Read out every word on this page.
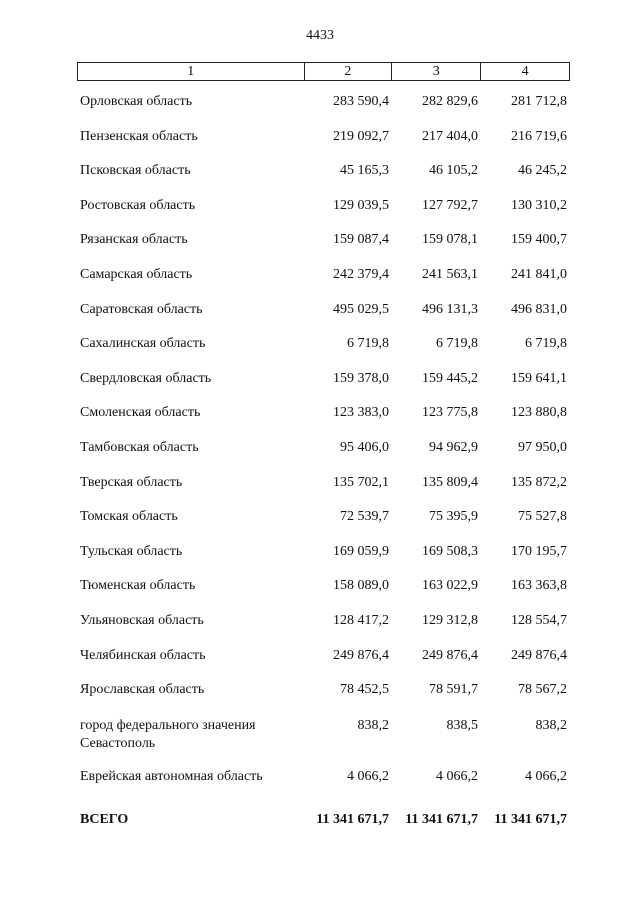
4433
1	2	3	4
Орловская область	283 590,4	282 829,6	281 712,8
Пензенская область	219 092,7	217 404,0	216 719,6
Псковская область	45 165,3	46 105,2	46 245,2
Ростовская область	129 039,5	127 792,7	130 310,2
Рязанская область	159 087,4	159 078,1	159 400,7
Самарская область	242 379,4	241 563,1	241 841,0
Саратовская область	495 029,5	496 131,3	496 831,0
Сахалинская область	6 719,8	6 719,8	6 719,8
Свердловская область	159 378,0	159 445,2	159 641,1
Смоленская область	123 383,0	123 775,8	123 880,8
Тамбовская область	95 406,0	94 962,9	97 950,0
Тверская область	135 702,1	135 809,4	135 872,2
Томская область	72 539,7	75 395,9	75 527,8
Тульская область	169 059,9	169 508,3	170 195,7
Тюменская область	158 089,0	163 022,9	163 363,8
Ульяновская область	128 417,2	129 312,8	128 554,7
Челябинская область	249 876,4	249 876,4	249 876,4
Ярославская область	78 452,5	78 591,7	78 567,2
город федерального значения Севастополь	838,2	838,5	838,2
Еврейская автономная область	4 066,2	4 066,2	4 066,2
ВСЕГО	11 341 671,7	11 341 671,7	11 341 671,7
